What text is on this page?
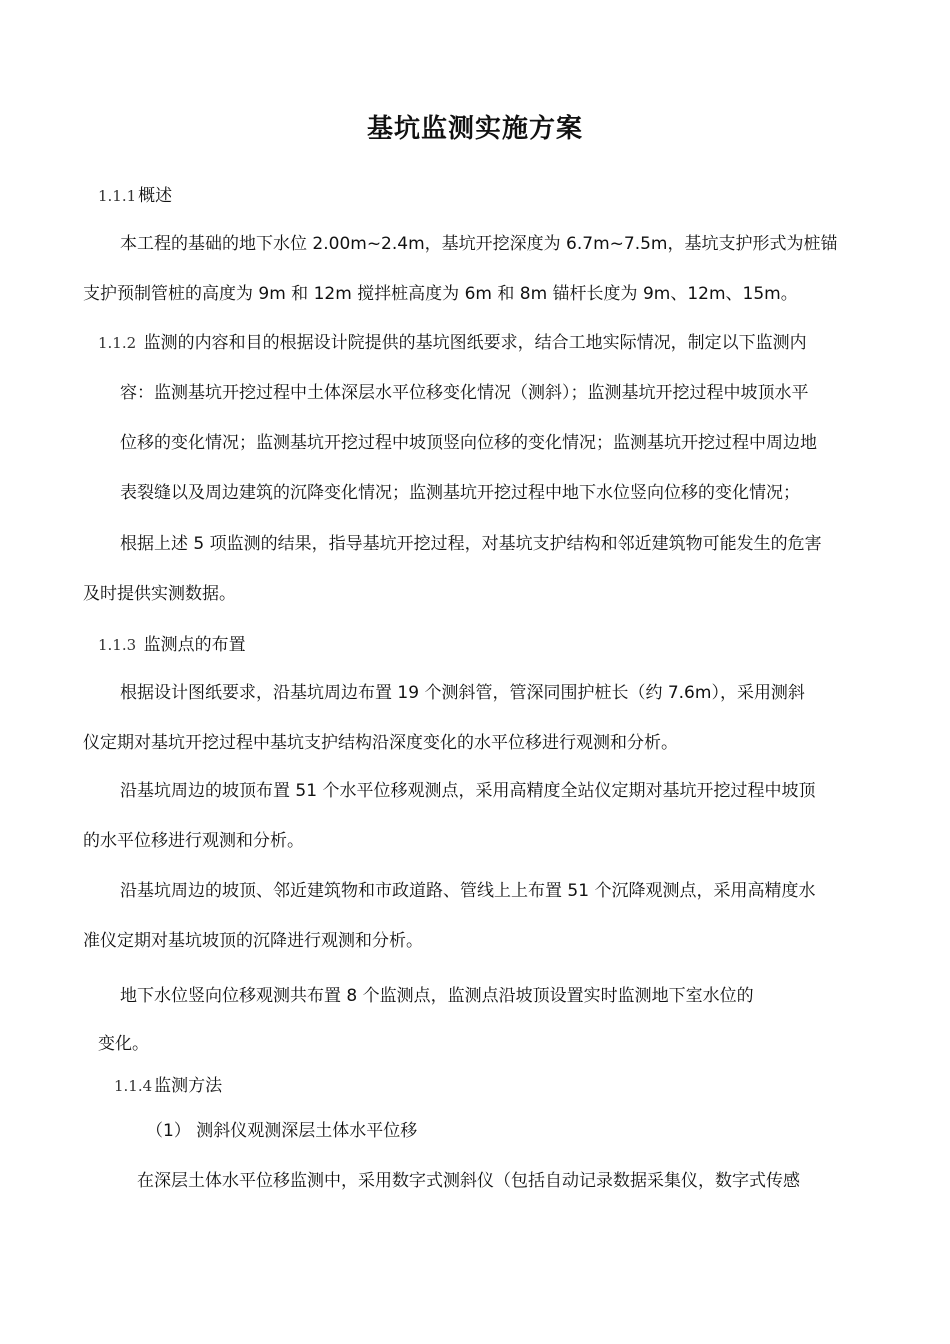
基坑监测实施方案
1.1.1 概述
本工程的基础的地下水位 2.00m~2.4m，基坑开挖深度为 6.7m~7.5m，基坑支护形式为桩锚
支护预制管桩的高度为 9m 和 12m 搅拌桩高度为 6m 和 8m 锚杆长度为 9m、12m、15m。
1.1.2 监测的内容和目的根据设计院提供的基坑图纸要求，结合工地实际情况，制定以下监测内
容：监测基坑开挖过程中土体深层水平位移变化情况（测斜）；监测基坑开挖过程中坡顶水平
位移的变化情况；监测基坑开挖过程中坡顶竖向位移的变化情况；监测基坑开挖过程中周边地
表裂缝以及周边建筑的沉降变化情况；监测基坑开挖过程中地下水位竖向位移的变化情况；
根据上述 5 项监测的结果，指导基坑开挖过程，对基坑支护结构和邻近建筑物可能发生的危害
及时提供实测数据。
1.1.3 监测点的布置
根据设计图纸要求，沿基坑周边布置 19 个测斜管，管深同围护桩长（约 7.6m），采用测斜
仪定期对基坑开挖过程中基坑支护结构沿深度变化的水平位移进行观测和分析。
沿基坑周边的坡顶布置 51 个水平位移观测点，采用高精度全站仪定期对基坑开挖过程中坡顶
的水平位移进行观测和分析。
沿基坑周边的坡顶、邻近建筑物和市政道路、管线上上布置 51 个沉降观测点，采用高精度水
准仪定期对基坑坡顶的沉降进行观测和分析。
地下水位竖向位移观测共布置 8 个监测点，监测点沿坡顶设置实时监测地下室水位的
变化。
1.1.4 监测方法
（1） 测斜仪观测深层土体水平位移
在深层土体水平位移监测中，采用数字式测斜仪（包括自动记录数据采集仪，数字式传感
